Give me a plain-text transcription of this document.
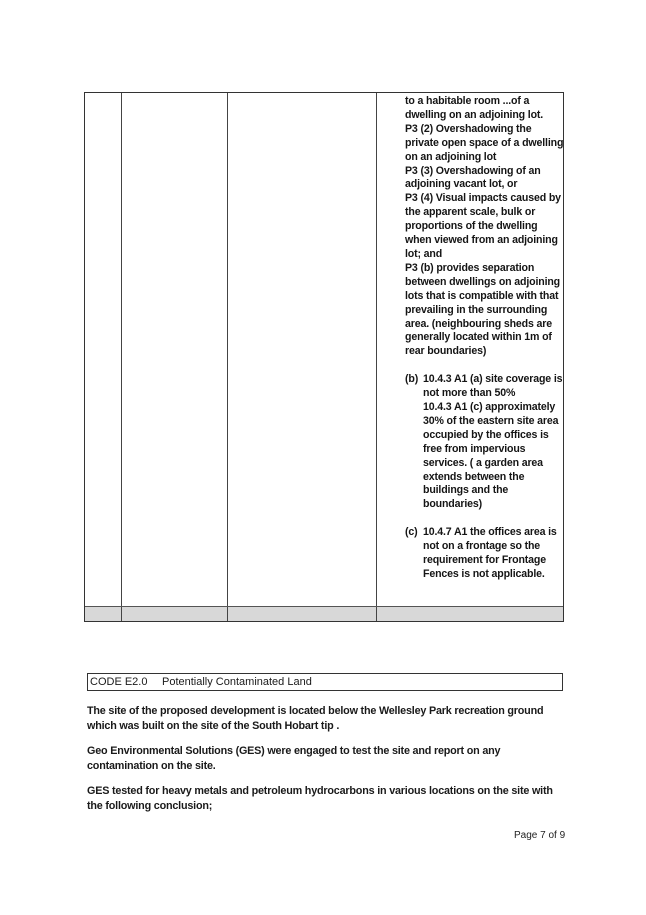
to a habitable room ...of a
dwelling on an adjoining lot.
P3 (2) Overshadowing the
private open space of a dwelling
on an adjoining lot
P3 (3) Overshadowing of an
adjoining vacant lot, or
P3 (4) Visual impacts caused by
the apparent scale, bulk or
proportions of the dwelling
when viewed from an adjoining
lot; and
P3 (b) provides separation
between dwellings on adjoining
lots that is compatible with that
prevailing in the surrounding
area. (neighbouring sheds are
generally located within 1m of
rear boundaries)
(b) 10.4.3 A1 (a) site coverage is
not more than 50%
10.4.3 A1 (c) approximately
30% of the eastern site area
occupied by the offices is
free from impervious
services. ( a garden area
extends between the
buildings and the
boundaries)
(c) 10.4.7 A1 the offices area is
not on a frontage so the
requirement for Frontage
Fences is not applicable.
CODE E2.0 Potentially Contaminated Land
The site of the proposed development is located below the Wellesley Park recreation ground which was built on the site of the South Hobart tip .
Geo Environmental Solutions (GES) were engaged to test the site and report on any contamination on the site.
GES tested for heavy metals and petroleum hydrocarbons in various locations on the site with the following conclusion;
Page 7 of 9
